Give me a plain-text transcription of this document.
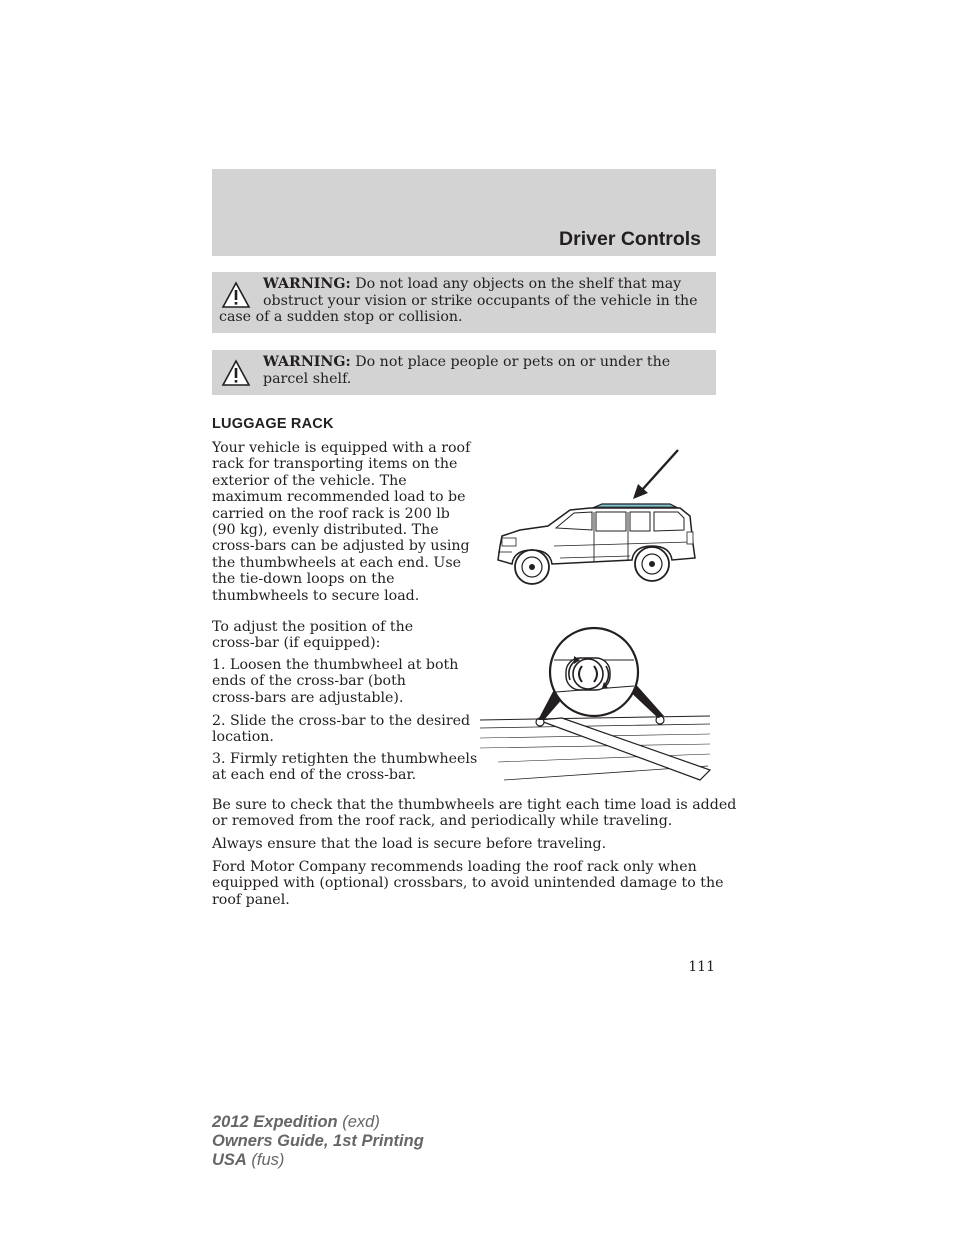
Driver Controls
WARNING: Do not load any objects on the shelf that may obstruct your vision or strike occupants of the vehicle in the case of a sudden stop or collision.
WARNING: Do not place people or pets on or under the parcel shelf.
LUGGAGE RACK
Your vehicle is equipped with a roof
rack for transporting items on the
exterior of the vehicle. The
maximum recommended load to be
carried on the roof rack is 200 lb
(90 kg), evenly distributed. The
cross-bars can be adjusted by using
the thumbwheels at each end. Use
the tie-down loops on the
thumbwheels to secure load.
To adjust the position of the
cross-bar (if equipped):
1. Loosen the thumbwheel at both
ends of the cross-bar (both
cross-bars are adjustable).
2. Slide the cross-bar to the desired
location.
3. Firmly retighten the thumbwheels
at each end of the cross-bar.
Be sure to check that the thumbwheels are tight each time load is added
or removed from the roof rack, and periodically while traveling.
Always ensure that the load is secure before traveling.
Ford Motor Company recommends loading the roof rack only when
equipped with (optional) crossbars, to avoid unintended damage to the
roof panel.
111
2012 Expedition (exd)
Owners Guide, 1st Printing
USA (fus)
